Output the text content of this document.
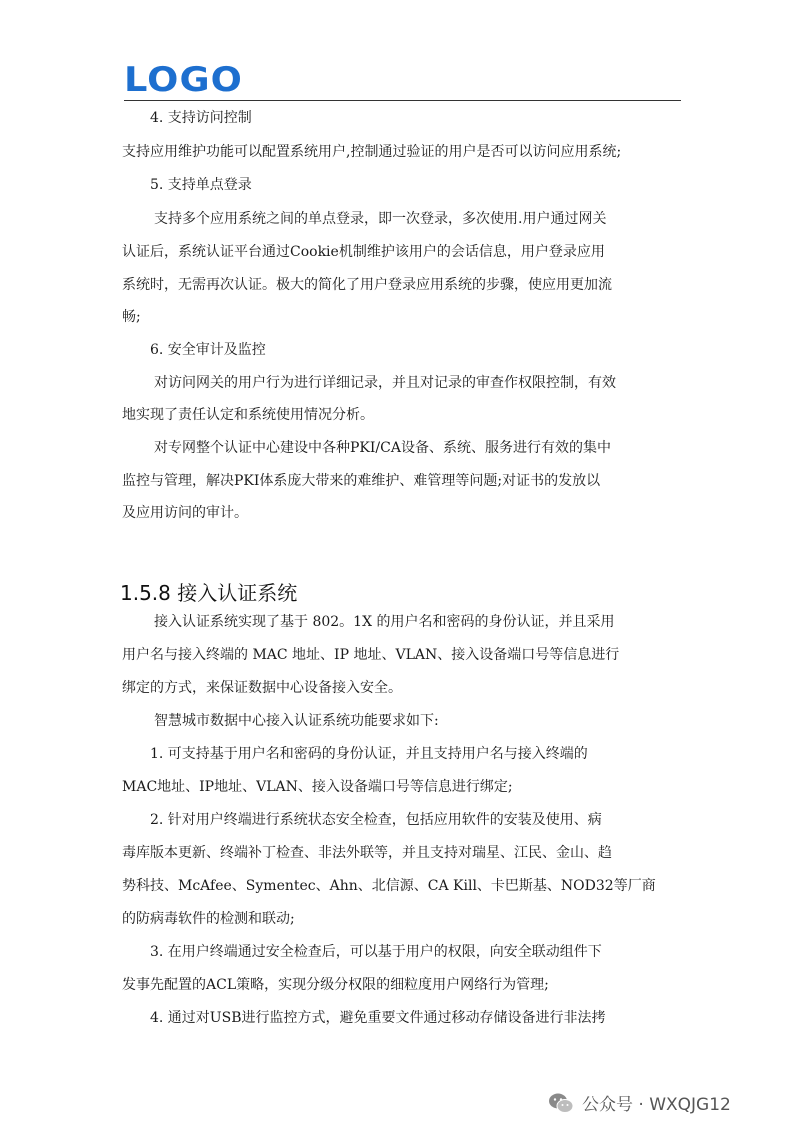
LOGO
4. 支持访问控制
支持应用维护功能可以配置系统用户,控制通过验证的用户是否可以访问应用系统;
5. 支持单点登录
支持多个应用系统之间的单点登录，即一次登录，多次使用.用户通过网关
认证后，系统认证平台通过Cookie机制维护该用户的会话信息，用户登录应用
系统时，无需再次认证。极大的简化了用户登录应用系统的步骤，使应用更加流
畅;
6. 安全审计及监控
对访问网关的用户行为进行详细记录，并且对记录的审查作权限控制，有效
地实现了责任认定和系统使用情况分析。
对专网整个认证中心建设中各种PKI/CA设备、系统、服务进行有效的集中
监控与管理，解决PKI体系庞大带来的难维护、难管理等问题;对证书的发放以
及应用访问的审计。
接入认证系统实现了基于 802。1X 的用户名和密码的身份认证，并且采用
用户名与接入终端的 MAC 地址、IP 地址、VLAN、接入设备端口号等信息进行
绑定的方式，来保证数据中心设备接入安全。
智慧城市数据中心接入认证系统功能要求如下:
1. 可支持基于用户名和密码的身份认证，并且支持用户名与接入终端的
MAC地址、IP地址、VLAN、接入设备端口号等信息进行绑定;
2. 针对用户终端进行系统状态安全检查，包括应用软件的安装及使用、病
毒库版本更新、终端补丁检查、非法外联等，并且支持对瑞星、江民、金山、趋
势科技、McAfee、Symentec、Ahn、北信源、CA Kill、卡巴斯基、NOD32等厂商
的防病毒软件的检测和联动;
3. 在用户终端通过安全检查后，可以基于用户的权限，向安全联动组件下
发事先配置的ACL策略，实现分级分权限的细粒度用户网络行为管理;
4. 通过对USB进行监控方式，避免重要文件通过移动存储设备进行非法拷
1.5.8 接入认证系统
公众号 · WXQJG12
